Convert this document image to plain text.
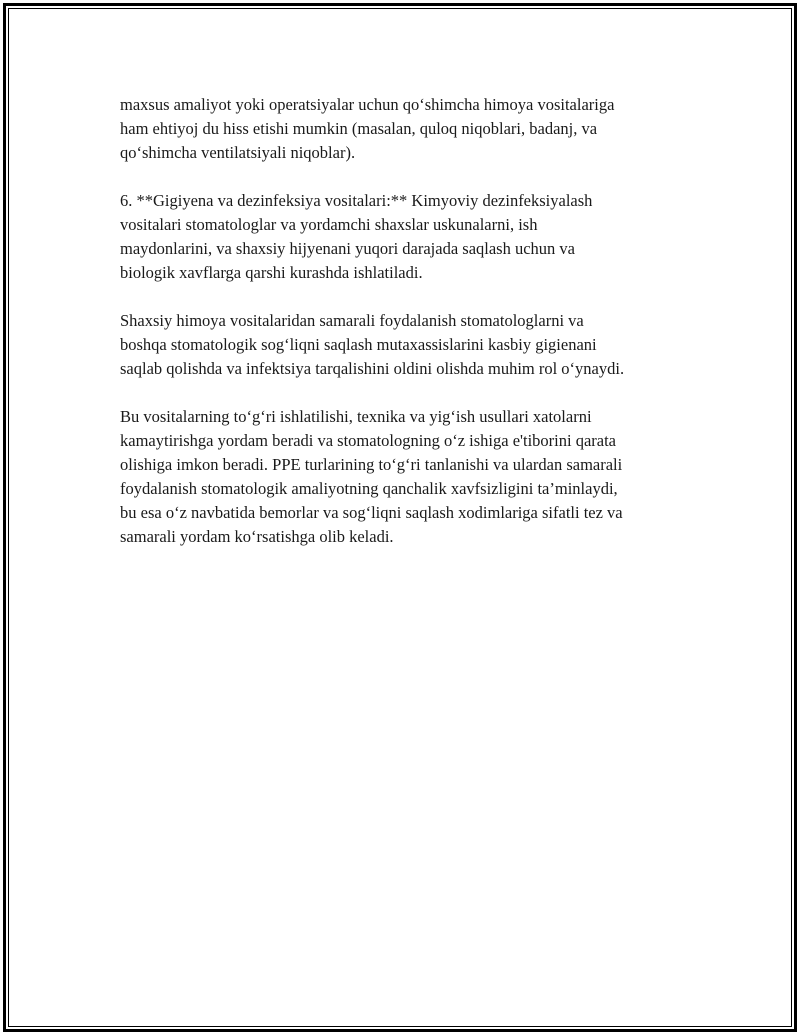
maxsus amaliyot yoki operatsiyalar uchun qo‘shimcha himoya vositalariga
ham ehtiyoj du hiss etishi mumkin (masalan, quloq niqoblari, badanj, va
qo‘shimcha ventilatsiyali niqoblar).

6. **Gigiyena va dezinfeksiya vositalari:** Kimyoviy dezinfeksiyalash
vositalari stomatologlar va yordamchi shaxslar uskunalarni, ish
maydonlarini, va shaxsiy hijyenani yuqori darajada saqlash uchun va
biologik xavflarga qarshi kurashda ishlatiladi.

Shaxsiy himoya vositalaridan samarali foydalanish stomatologlarni va
boshqa stomatologik sog‘liqni saqlash mutaxassislarini kasbiy gigienani
saqlab qolishda va infektsiya tarqalishini oldini olishda muhim rol o‘ynaydi.

Bu vositalarning to‘g‘ri ishlatilishi, texnika va yig‘ish usullari xatolarni
kamaytirishga yordam beradi va stomatologning o‘z ishiga e'tiborini qarata
olishiga imkon beradi. PPE turlarining to‘g‘ri tanlanishi va ulardan samarali
foydalanish stomatologik amaliyotning qanchalik xavfsizligini ta’minlaydi,
bu esa o‘z navbatida bemorlar va sog‘liqni saqlash xodimlariga sifatli tez va
samarali yordam ko‘rsatishga olib keladi.
